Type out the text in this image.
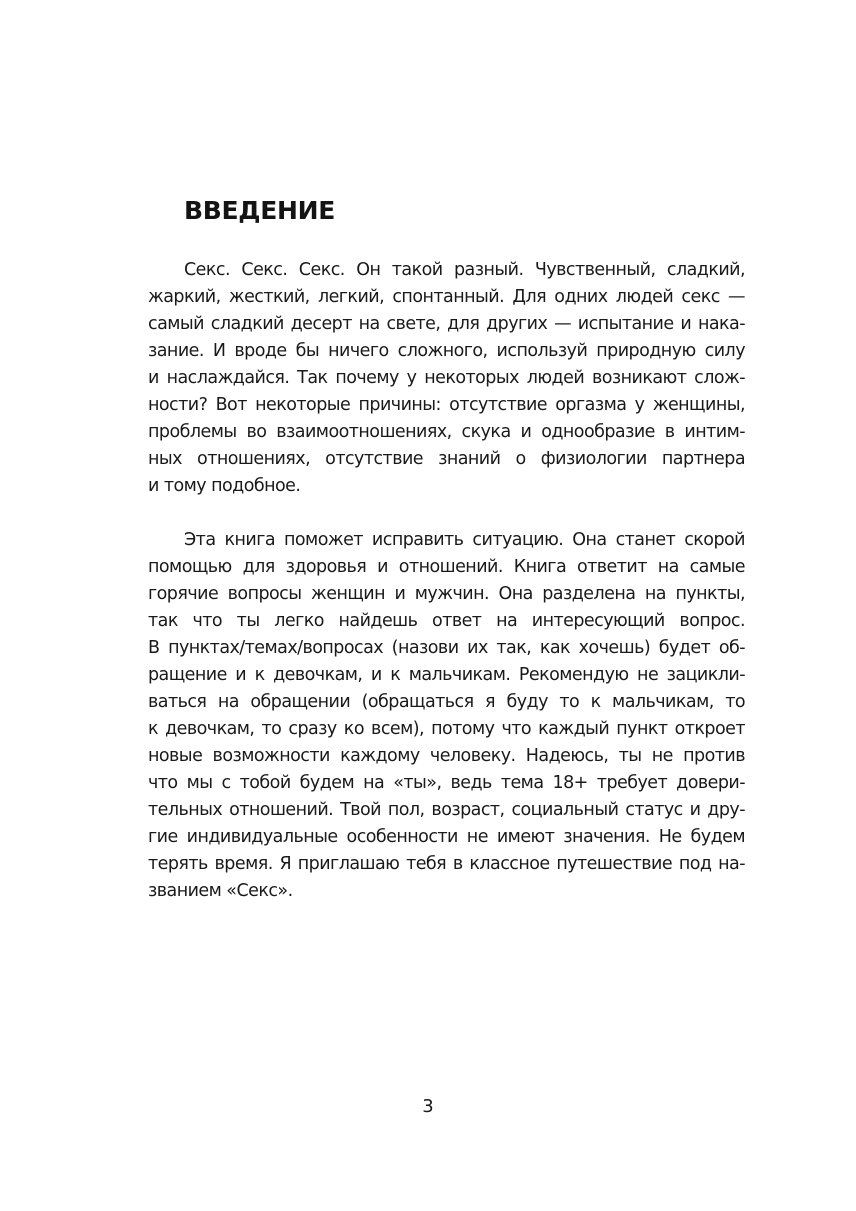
ВВЕДЕНИЕ
Секс. Секс. Секс. Он такой разный. Чувственный, сладкий,
жаркий, жесткий, легкий, спонтанный. Для одних людей секс —
самый сладкий десерт на свете, для других — испытание и нака-
зание. И вроде бы ничего сложного, используй природную силу
и наслаждайся. Так почему у некоторых людей возникают слож-
ности? Вот некоторые причины: отсутствие оргазма у женщины,
проблемы во взаимоотношениях, скука и однообразие в интим-
ных отношениях, отсутствие знаний о физиологии партнера
и тому подобное.
Эта книга поможет исправить ситуацию. Она станет скорой
помощью для здоровья и отношений. Книга ответит на самые
горячие вопросы женщин и мужчин. Она разделена на пункты,
так что ты легко найдешь ответ на интересующий вопрос.
В пунктах/темах/вопросах (назови их так, как хочешь) будет об-
ращение и к девочкам, и к мальчикам. Рекомендую не зацикли-
ваться на обращении (обращаться я буду то к мальчикам, то
к девочкам, то сразу ко всем), потому что каждый пункт откроет
новые возможности каждому человеку. Надеюсь, ты не против
что мы с тобой будем на «ты», ведь тема 18+ требует довери-
тельных отношений. Твой пол, возраст, социальный статус и дру-
гие индивидуальные особенности не имеют значения. Не будем
терять время. Я приглашаю тебя в классное путешествие под на-
званием «Секс».
3
